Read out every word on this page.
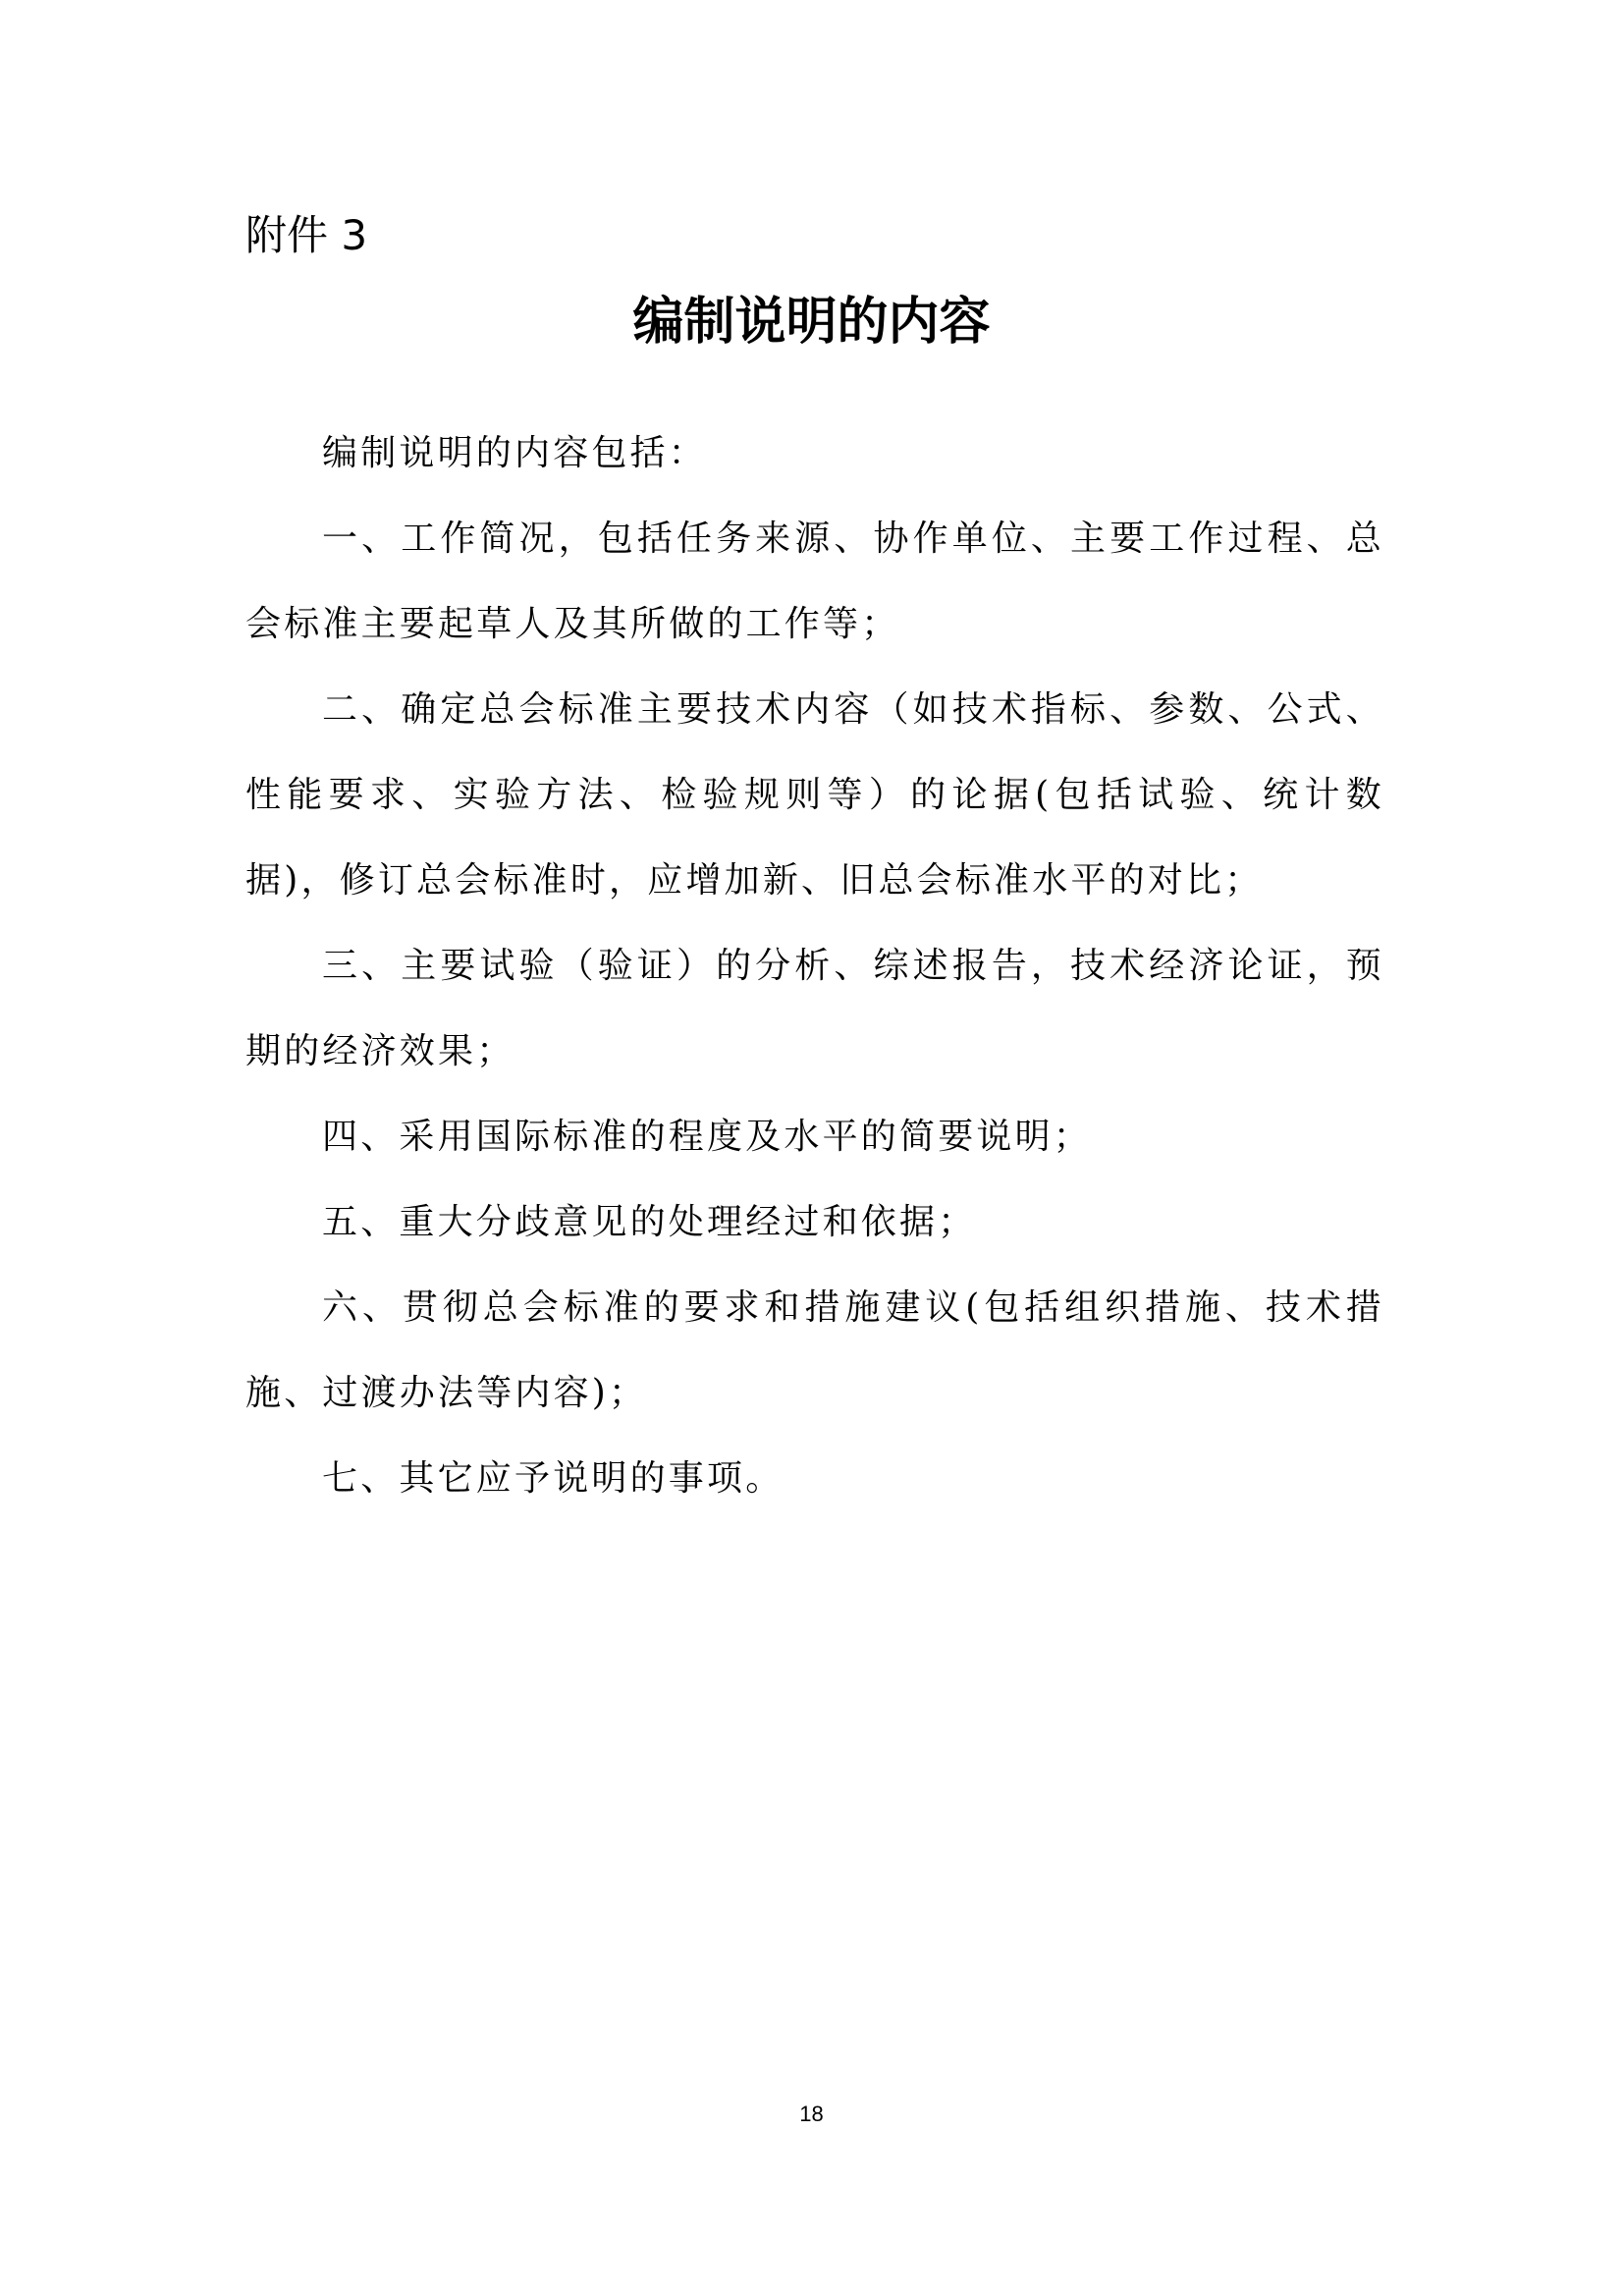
附件 3
编制说明的内容

编制说明的内容包括：

一、工作简况，包括任务来源、协作单位、主要工作过程、总会标准主要起草人及其所做的工作等；

二、确定总会标准主要技术内容（如技术指标、参数、公式、性能要求、实验方法、检验规则等）的论据(包括试验、统计数据)，修订总会标准时，应增加新、旧总会标准水平的对比；

三、主要试验（验证）的分析、综述报告，技术经济论证，预期的经济效果；

四、采用国际标准的程度及水平的简要说明；

五、重大分歧意见的处理经过和依据；

六、贯彻总会标准的要求和措施建议(包括组织措施、技术措施、过渡办法等内容)；

七、其它应予说明的事项。

18
